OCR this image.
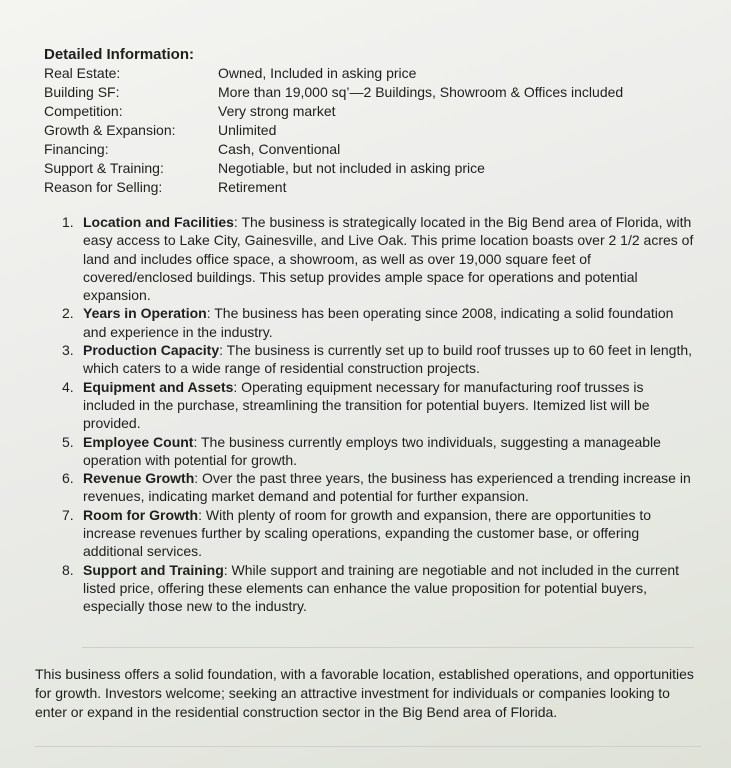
Detailed Information:
Real Estate:	Owned, Included in asking price
Building SF:	More than 19,000 sq’—2 Buildings, Showroom & Offices included
Competition:	Very strong market
Growth & Expansion:	Unlimited
Financing:	Cash, Conventional
Support & Training:	Negotiable, but not included in asking price
Reason for Selling:	Retirement
1. Location and Facilities: The business is strategically located in the Big Bend area of Florida, with easy access to Lake City, Gainesville, and Live Oak. This prime location boasts over 2 1/2 acres of land and includes office space, a showroom, as well as over 19,000 square feet of covered/enclosed buildings. This setup provides ample space for operations and potential expansion.
2. Years in Operation: The business has been operating since 2008, indicating a solid foundation and experience in the industry.
3. Production Capacity: The business is currently set up to build roof trusses up to 60 feet in length, which caters to a wide range of residential construction projects.
4. Equipment and Assets: Operating equipment necessary for manufacturing roof trusses is included in the purchase, streamlining the transition for potential buyers. Itemized list will be provided.
5. Employee Count: The business currently employs two individuals, suggesting a manageable operation with potential for growth.
6. Revenue Growth: Over the past three years, the business has experienced a trending increase in revenues, indicating market demand and potential for further expansion.
7. Room for Growth: With plenty of room for growth and expansion, there are opportunities to increase revenues further by scaling operations, expanding the customer base, or offering additional services.
8. Support and Training: While support and training are negotiable and not included in the current listed price, offering these elements can enhance the value proposition for potential buyers, especially those new to the industry.
This business offers a solid foundation, with a favorable location, established operations, and opportunities for growth. Investors welcome; seeking an attractive investment for individuals or companies looking to enter or expand in the residential construction sector in the Big Bend area of Florida.
